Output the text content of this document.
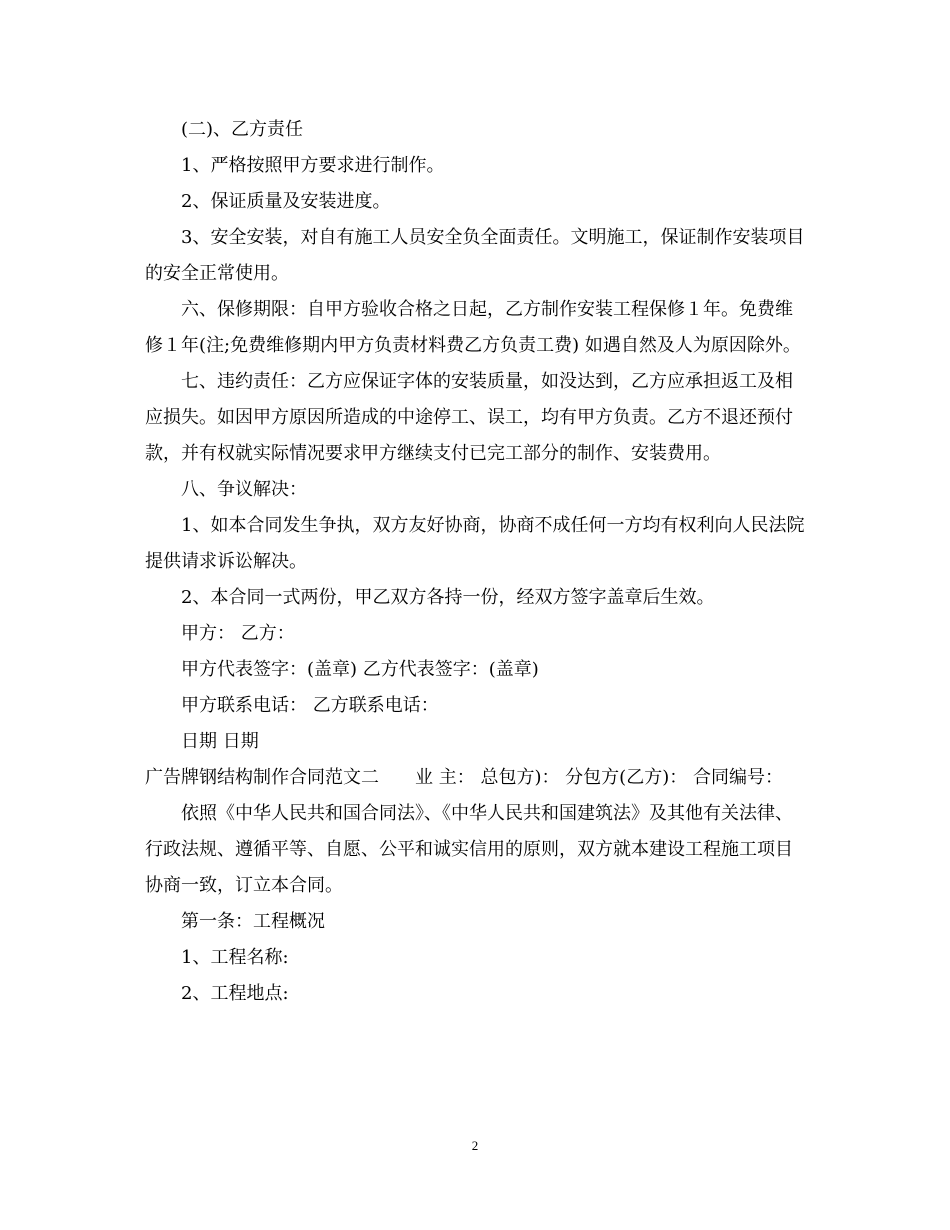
(二)、乙方责任

1、严格按照甲方要求进行制作。

2、保证质量及安装进度。

3、安全安装，对自有施工人员安全负全面责任。文明施工，保证制作安装项目的安全正常使用。

六、保修期限：自甲方验收合格之日起，乙方制作安装工程保修１年。免费维修１年(注;免费维修期内甲方负责材料费乙方负责工费) 如遇自然及人为原因除外。

七、违约责任：乙方应保证字体的安装质量，如没达到，乙方应承担返工及相应损失。如因甲方原因所造成的中途停工、误工，均有甲方负责。乙方不退还预付款，并有权就实际情况要求甲方继续支付已完工部分的制作、安装费用。

八、争议解决：

1、如本合同发生争执，双方友好协商，协商不成任何一方均有权利向人民法院提供请求诉讼解决。

2、本合同一式两份，甲乙双方各持一份，经双方签字盖章后生效。

甲方： 乙方：

甲方代表签字：(盖章) 乙方代表签字：(盖章)

甲方联系电话： 乙方联系电话：

日期 日期

广告牌钢结构制作合同范文二　　业 主： 总包方)： 分包方(乙方)： 合同编号：

依照《中华人民共和国合同法》、《中华人民共和国建筑法》及其他有关法律、行政法规、遵循平等、自愿、公平和诚实信用的原则，双方就本建设工程施工项目协商一致，订立本合同。

第一条：工程概况

1、工程名称:

2、工程地点:

2
